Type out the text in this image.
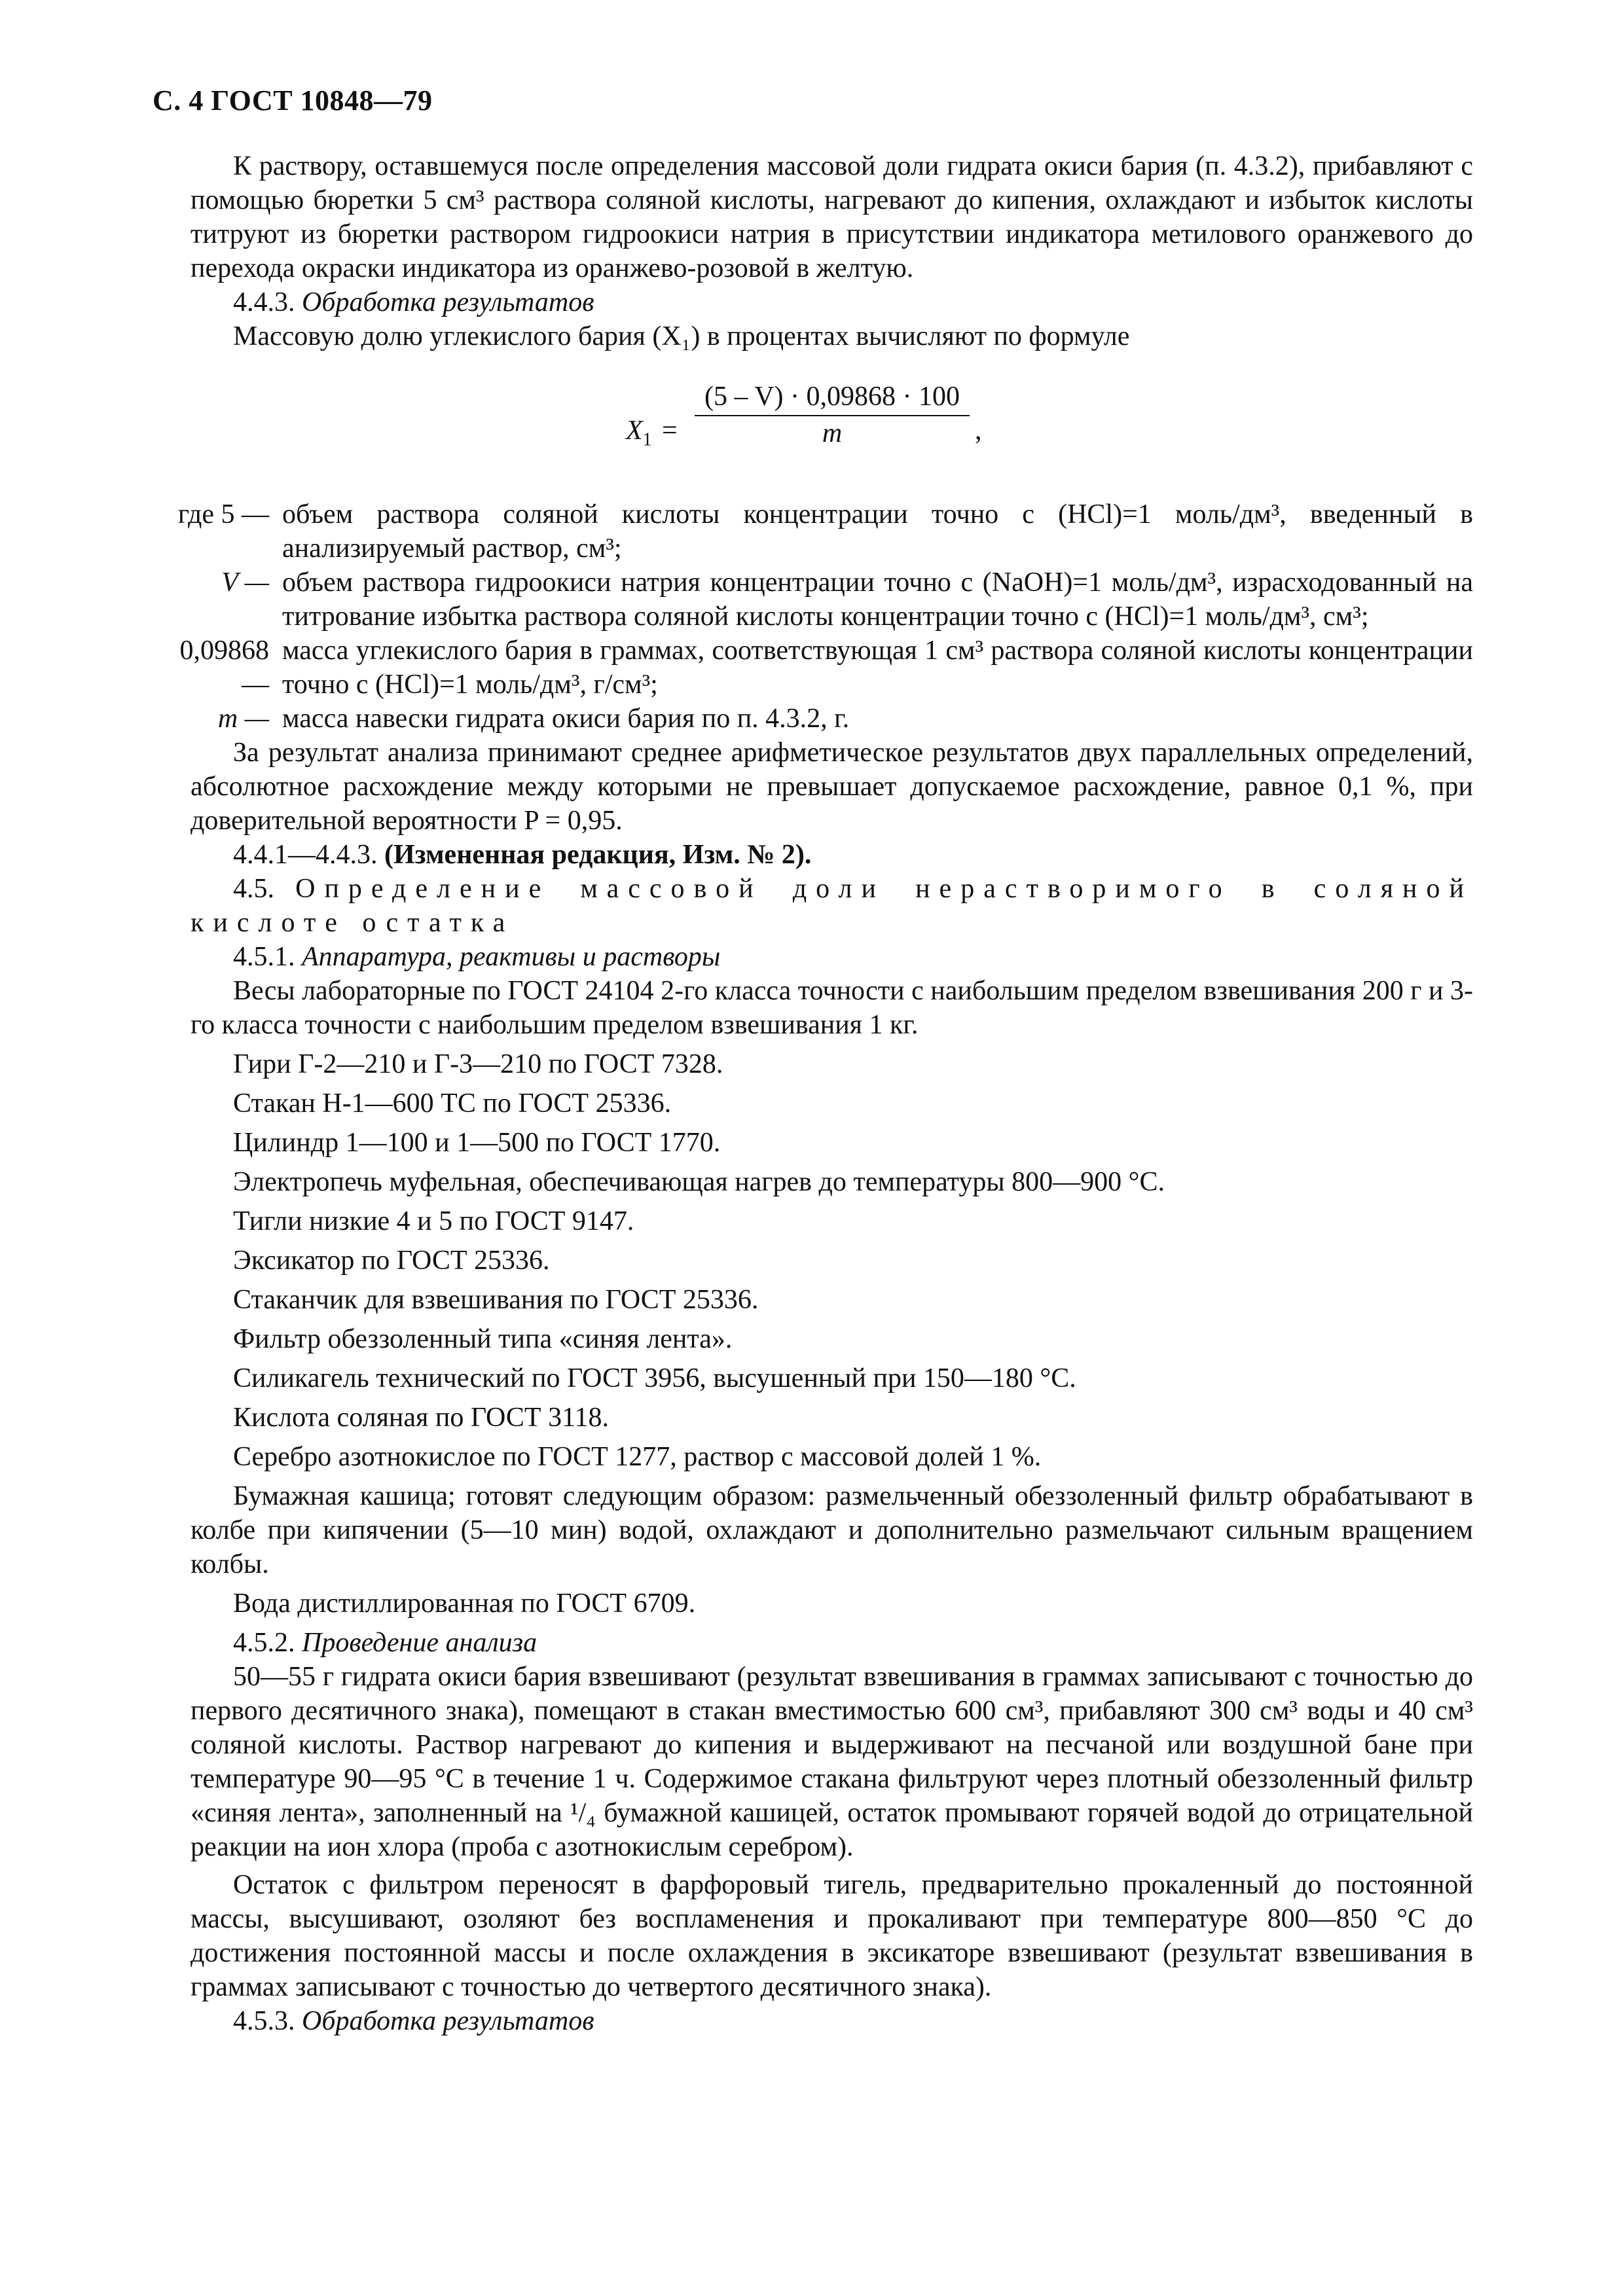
С. 4 ГОСТ 10848—79

К раствору, оставшемуся после определения массовой доли гидрата окиси бария (п. 4.3.2), прибавляют с помощью бюретки 5 см³ раствора соляной кислоты, нагревают до кипения, охлаждают и избыток кислоты титруют из бюретки раствором гидроокиси натрия в присутствии индикатора метилового оранжевого до перехода окраски индикатора из оранжево-розовой в желтую.

4.4.3. Обработка результатов

Массовую долю углекислого бария (X₁) в процентах вычисляют по формуле

$X_1 = \frac{(5 - V) \cdot 0,09868 \cdot 100}{m}$ ,
где 5 — объем раствора соляной кислоты концентрации точно c (HCl)=1 моль/дм³, введенный в анализируемый раствор, см³;
V — объем раствора гидроокиси натрия концентрации точно c (NaOH)=1 моль/дм³, израсходованный на титрование избытка раствора соляной кислоты концентрации точно c (HCl)=1 моль/дм³, см³;
0,09868 —
масса углекислого бария в граммах, соответствующая 1 см³ раствора соляной кислоты концентрации точно c (HCl)=1 моль/дм³, г/см³;
m — масса навески гидрата окиси бария по п. 4.3.2, г.

За результат анализа принимают среднее арифметическое результатов двух параллельных определений, абсолютное расхождение между которыми не превышает допускаемое расхождение, равное 0,1 %, при доверительной вероятности P = 0,95.

4.4.1—4.4.3. (Измененная редакция, Изм. № 2).

4.5. Определение массовой доли нерастворимого в соляной кислоте остатка

4.5.1. Аппаратура, реактивы и растворы

Весы лабораторные по ГОСТ 24104 2-го класса точности с наибольшим пределом взвешивания 200 г и 3-го класса точности с наибольшим пределом взвешивания 1 кг.

Гири Г-2—210 и Г-3—210 по ГОСТ 7328.

Стакан Н-1—600 ТС по ГОСТ 25336.

Цилиндр 1—100 и 1—500 по ГОСТ 1770.

Электропечь муфельная, обеспечивающая нагрев до температуры 800—900 °С.

Тигли низкие 4 и 5 по ГОСТ 9147.

Эксикатор по ГОСТ 25336.

Стаканчик для взвешивания по ГОСТ 25336.

Фильтр обеззоленный типа «синяя лента».

Силикагель технический по ГОСТ 3956, высушенный при 150—180 °С.

Кислота соляная по ГОСТ 3118.

Серебро азотнокислое по ГОСТ 1277, раствор с массовой долей 1 %.

Бумажная кашица; готовят следующим образом: размельченный обеззоленный фильтр обрабатывают в колбе при кипячении (5—10 мин) водой, охлаждают и дополнительно размельчают сильным вращением колбы.

Вода дистиллированная по ГОСТ 6709.

4.5.2. Проведение анализа

50—55 г гидрата окиси бария взвешивают (результат взвешивания в граммах записывают с точностью до первого десятичного знака), помещают в стакан вместимостью 600 см³, прибавляют 300 см³ воды и 40 см³ соляной кислоты. Раствор нагревают до кипения и выдерживают на песчаной или воздушной бане при температуре 90—95 °С в течение 1 ч. Содержимое стакана фильтруют через плотный обеззоленный фильтр «синяя лента», заполненный на ¹/₄ бумажной кашицей, остаток промывают горячей водой до отрицательной реакции на ион хлора (проба с азотнокислым серебром).

Остаток с фильтром переносят в фарфоровый тигель, предварительно прокаленный до постоянной массы, высушивают, озоляют без воспламенения и прокаливают при температуре 800—850 °С до достижения постоянной массы и после охлаждения в эксикаторе взвешивают (результат взвешивания в граммах записывают с точностью до четвертого десятичного знака).

4.5.3. Обработка результатов
